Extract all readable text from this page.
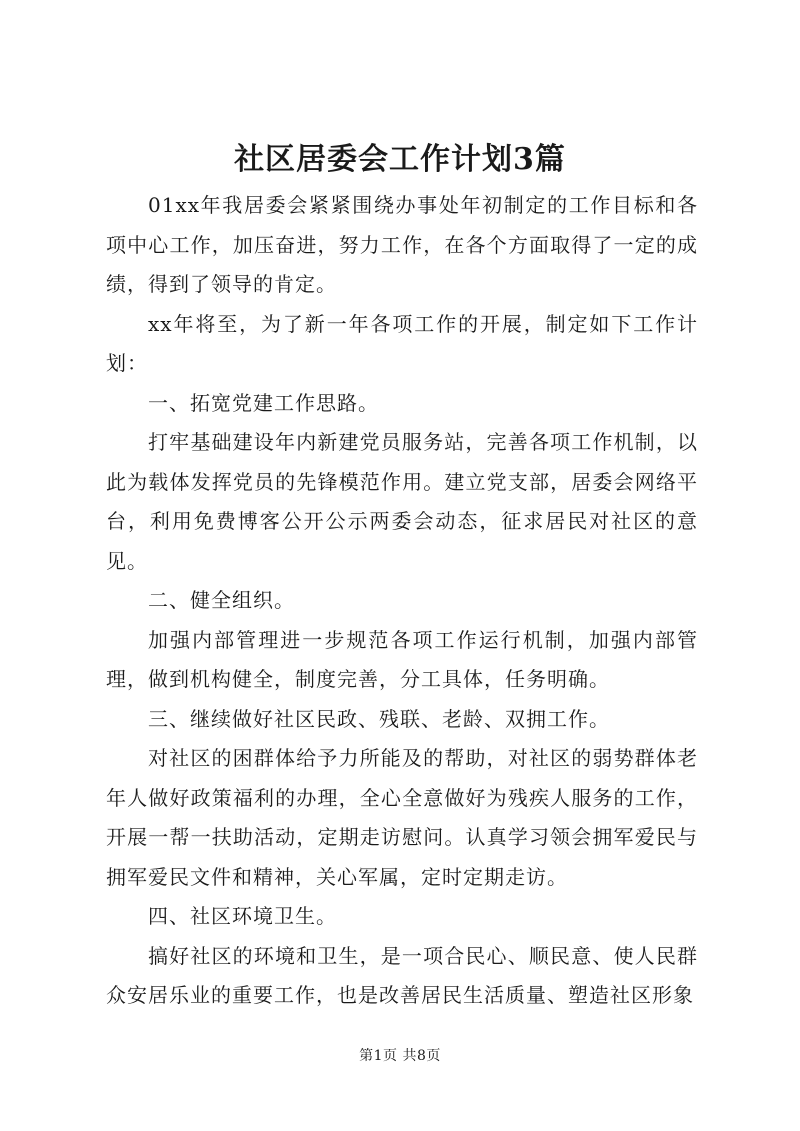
社区居委会工作计划3篇

01xx年我居委会紧紧围绕办事处年初制定的工作目标和各项中心工作，加压奋进，努力工作，在各个方面取得了一定的成绩，得到了领导的肯定。

xx年将至，为了新一年各项工作的开展，制定如下工作计划：

一、拓宽党建工作思路。

打牢基础建设年内新建党员服务站，完善各项工作机制，以此为载体发挥党员的先锋模范作用。建立党支部，居委会网络平台，利用免费博客公开公示两委会动态，征求居民对社区的意见。

二、健全组织。

加强内部管理进一步规范各项工作运行机制，加强内部管理，做到机构健全，制度完善，分工具体，任务明确。

三、继续做好社区民政、残联、老龄、双拥工作。

对社区的困群体给予力所能及的帮助，对社区的弱势群体老年人做好政策福利的办理，全心全意做好为残疾人服务的工作，开展一帮一扶助活动，定期走访慰问。认真学习领会拥军爱民与拥军爱民文件和精神，关心军属，定时定期走访。

四、社区环境卫生。

搞好社区的环境和卫生，是一项合民心、顺民意、使人民群众安居乐业的重要工作，也是改善居民生活质量、塑造社区形象

第1页 共8页
